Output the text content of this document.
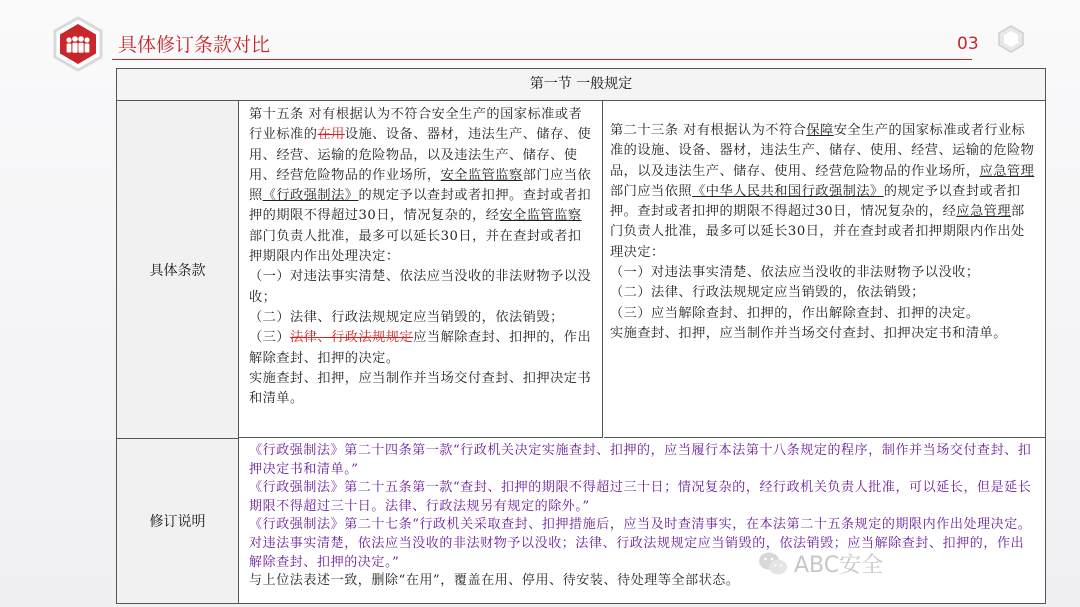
具体修订条款对比	03
第一节 一般规定
具体条款

第十五条 对有根据认为不符合安全生产的国家标准或者行业标准的在用设施、设备、器材，违法生产、储存、使用、经营、运输的危险物品，以及违法生产、储存、使用、经营危险物品的作业场所，安全监管监察部门应当依照《行政强制法》的规定予以查封或者扣押。查封或者扣押的期限不得超过30日，情况复杂的，经安全监管监察部门负责人批准，最多可以延长30日，并在查封或者扣押期限内作出处理决定：

（一）对违法事实清楚、依法应当没收的非法财物予以没收；

（二）法律、行政法规规定应当销毁的，依法销毁；

（三）法律、行政法规规定应当解除查封、扣押的，作出解除查封、扣押的决定。

实施查封、扣押，应当制作并当场交付查封、扣押决定书和清单。

第二十三条 对有根据认为不符合保障安全生产的国家标准或者行业标准的设施、设备、器材，违法生产、储存、使用、经营、运输的危险物品，以及违法生产、储存、使用、经营危险物品的作业场所，应急管理部门应当依照《中华人民共和国行政强制法》的规定予以查封或者扣押。查封或者扣押的期限不得超过30日，情况复杂的，经应急管理部门负责人批准，最多可以延长30日，并在查封或者扣押期限内作出处理决定：

（一）对违法事实清楚、依法应当没收的非法财物予以没收；

（二）法律、行政法规规定应当销毁的，依法销毁；

（三）应当解除查封、扣押的，作出解除查封、扣押的决定。

实施查封、扣押，应当制作并当场交付查封、扣押决定书和清单。

修订说明

《行政强制法》第二十四条第一款“行政机关决定实施查封、扣押的，应当履行本法第十八条规定的程序，制作并当场交付查封、扣押决定书和清单。”

《行政强制法》第二十五条第一款“查封、扣押的期限不得超过三十日；情况复杂的，经行政机关负责人批准，可以延长，但是延长期限不得超过三十日。法律、行政法规另有规定的除外。”

《行政强制法》第二十七条“行政机关采取查封、扣押措施后，应当及时查清事实，在本法第二十五条规定的期限内作出处理决定。对违法事实清楚，依法应当没收的非法财物予以没收；法律、行政法规规定应当销毁的，依法销毁；应当解除查封、扣押的，作出解除查封、扣押的决定。”

与上位法表述一致，删除“在用”，覆盖在用、停用、待安装、待处理等全部状态。

ABC安全
